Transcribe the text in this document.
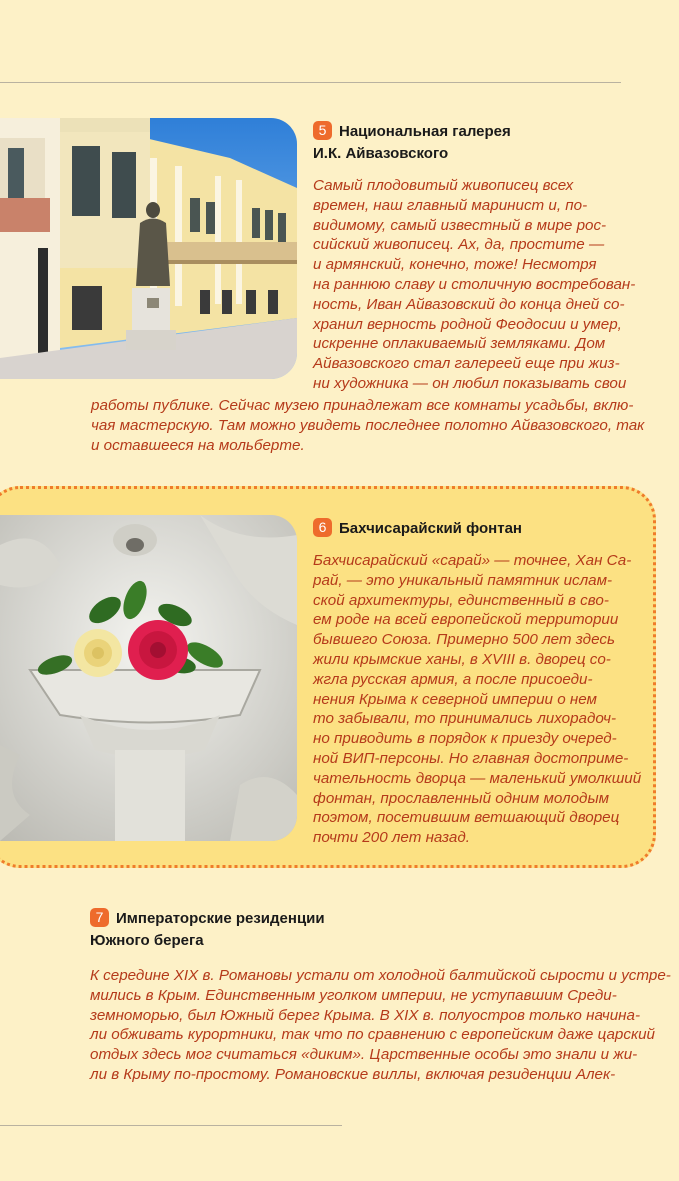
5 Национальная галерея
И.К. Айвазовского
Самый плодовитый живописец всех
времен, наш главный маринист и, по-
видимому, самый известный в мире рос-
сийский живописец. Ах, да, простите —
и армянский, конечно, тоже! Несмотря
на раннюю славу и столичную востребован-
ность, Иван Айвазовский до конца дней со-
хранил верность родной Феодосии и умер,
искренне оплакиваемый земляками. Дом
Айвазовского стал галереей еще при жиз-
ни художника — он любил показывать свои
работы публике. Сейчас музею принадлежат все комнаты усадьбы, вклю-
чая мастерскую. Там можно увидеть последнее полотно Айвазовского, так
и оставшееся на мольберте.
6 Бахчисарайский фонтан
Бахчисарайский «сарай» — точнее, Хан Са-
рай, — это уникальный памятник ислам-
ской архитектуры, единственный в сво-
ем роде на всей европейской территории
бывшего Союза. Примерно 500 лет здесь
жили крымские ханы, в XVIII в. дворец со-
жгла русская армия, а после присоеди-
нения Крыма к северной империи о нем
то забывали, то принимались лихорадоч-
но приводить в порядок к приезду очеред-
ной ВИП-персоны. Но главная достоприме-
чательность дворца — маленький умолкший
фонтан, прославленный одним молодым
поэтом, посетившим ветшающий дворец
почти 200 лет назад.
7 Императорские резиденции
Южного берега
К середине XIX в. Романовы устали от холодной балтийской сырости и устре-
мились в Крым. Единственным уголком империи, не уступавшим Среди-
земноморью, был Южный берег Крыма. В XIX в. полуостров только начина-
ли обживать курортники, так что по сравнению с европейским даже царский
отдых здесь мог считаться «диким». Царственные особы это знали и жи-
ли в Крыму по-простому. Романовские виллы, включая резиденции Алек-
